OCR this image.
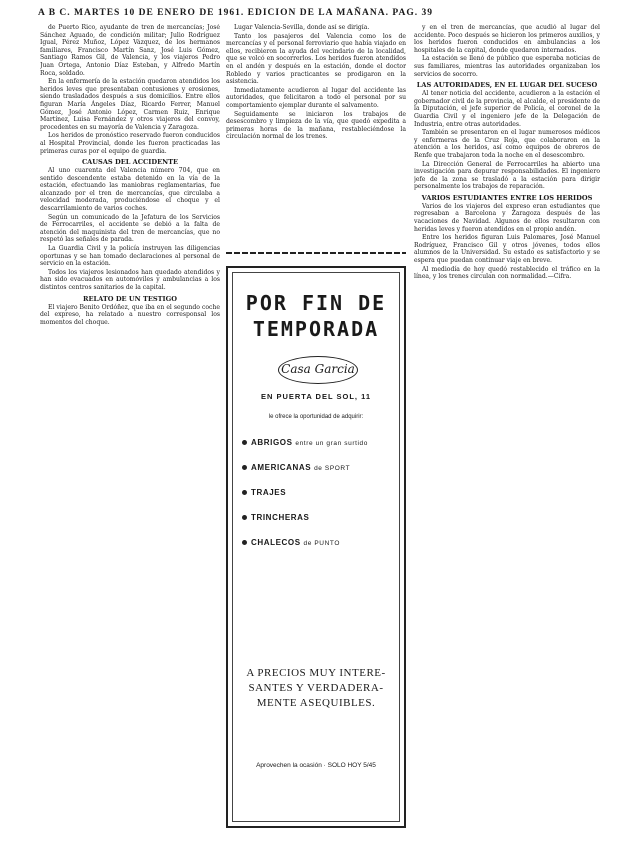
A B C. MARTES 10 DE ENERO DE 1961. EDICION DE LA MAÑANA. PAG. 39

de Puerto Rico, ayudante de tren de mercancías; José Sánchez Aguado, de condición militar; Julio Rodríguez Igual, Pérez Muñoz, López Vázquez, de los hermanos familiares, Francisco Martín Sanz, José Luis Gómez, Santiago Ramos Gil, de Valencia, y los viajeros Pedro Juan Ortega, Antonio Díaz Esteban, y Alfredo Martín Roca, soldado.

En la enfermería de la estación quedaron atendidos los heridos leves que presentaban contusiones y erosiones, siendo trasladados después a sus domicilios. Entre ellos figuran María Ángeles Díaz, Ricardo Ferrer, Manuel Gómez, José Antonio López, Carmen Ruiz, Enrique Martínez, Luisa Fernández y otros viajeros del convoy, procedentes en su mayoría de Valencia y Zaragoza.

Los heridos de pronóstico reservado fueron conducidos al Hospital Provincial, donde les fueron practicadas las primeras curas por el equipo de guardia.

CAUSAS DEL ACCIDENTE

Al uno cuarenta del Valencia número 704, que en sentido descendente estaba detenido en la vía de la estación, efectuando las maniobras reglamentarias, fue alcanzado por el tren de mercancías, que circulaba a velocidad moderada, produciéndose el choque y el descarrilamiento de varios coches.

Según un comunicado de la Jefatura de los Servicios de Ferrocarriles, el accidente se debió a la falta de atención del maquinista del tren de mercancías, que no respetó las señales de parada.

La Guardia Civil y la policía instruyen las diligencias oportunas y se han tomado declaraciones al personal de servicio en la estación.

Todos los viajeros lesionados han quedado atendidos y han sido evacuados en automóviles y ambulancias a los distintos centros sanitarios de la capital.

RELATO DE UN TESTIGO

El viajero Benito Ordóñez, que iba en el segundo coche del expreso, ha relatado a nuestro corresponsal los momentos del choque.

Lugar Valencia-Sevilla, donde así se dirigía.

Tanto los pasajeros del Valencia como los de mercancías y el personal ferroviario que había viajado en ellos, recibieron la ayuda del vecindario de la localidad, que se volcó en socorrerlos. Los heridos fueron atendidos en el andén y después en la estación, donde el doctor Robledo y varios practicantes se prodigaron en la asistencia.

Inmediatamente acudieron al lugar del accidente las autoridades, que felicitaron a todo el personal por su comportamiento ejemplar durante el salvamento.

Seguidamente se iniciaron los trabajos de desescombro y limpieza de la vía, que quedó expedita a primeras horas de la mañana, restableciéndose la circulación normal de los trenes.

POR FIN DE
TEMPORADA
Casa Garcia
EN PUERTA DEL SOL, 11
le ofrece la oportunidad de adquirir:
ABRIGOS entre un gran surtido
AMERICANAS de SPORT
TRAJES
TRINCHERAS
CHALECOS de PUNTO
A PRECIOS MUY INTERE-
SANTES Y VERDADERA-
MENTE ASEQUIBLES.
Aprovechen la ocasión · SOLO HOY 5/45

y en el tren de mercancías, que acudió al lugar del accidente. Poco después se hicieron los primeros auxilios, y los heridos fueron conducidos en ambulancias a los hospitales de la capital, donde quedaron internados.

La estación se llenó de público que esperaba noticias de sus familiares, mientras las autoridades organizaban los servicios de socorro.

LAS AUTORIDADES, EN EL LUGAR DEL SUCESO

Al tener noticia del accidente, acudieron a la estación el gobernador civil de la provincia, el alcalde, el presidente de la Diputación, el jefe superior de Policía, el coronel de la Guardia Civil y el ingeniero jefe de la Delegación de Industria, entre otras autoridades.

También se presentaron en el lugar numerosos médicos y enfermeras de la Cruz Roja, que colaboraron en la atención a los heridos, así como equipos de obreros de Renfe que trabajaron toda la noche en el desescombro.

La Dirección General de Ferrocarriles ha abierto una investigación para depurar responsabilidades. El ingeniero jefe de la zona se trasladó a la estación para dirigir personalmente los trabajos de reparación.

VARIOS ESTUDIANTES ENTRE LOS HERIDOS

Varios de los viajeros del expreso eran estudiantes que regresaban a Barcelona y Zaragoza después de las vacaciones de Navidad. Algunos de ellos resultaron con heridas leves y fueron atendidos en el propio andén.

Entre los heridos figuran Luis Palomares, José Manuel Rodríguez, Francisco Gil y otros jóvenes, todos ellos alumnos de la Universidad. Su estado es satisfactorio y se espera que puedan continuar viaje en breve.

Al mediodía de hoy quedó restablecido el tráfico en la línea, y los trenes circulan con normalidad.—Cifra.
